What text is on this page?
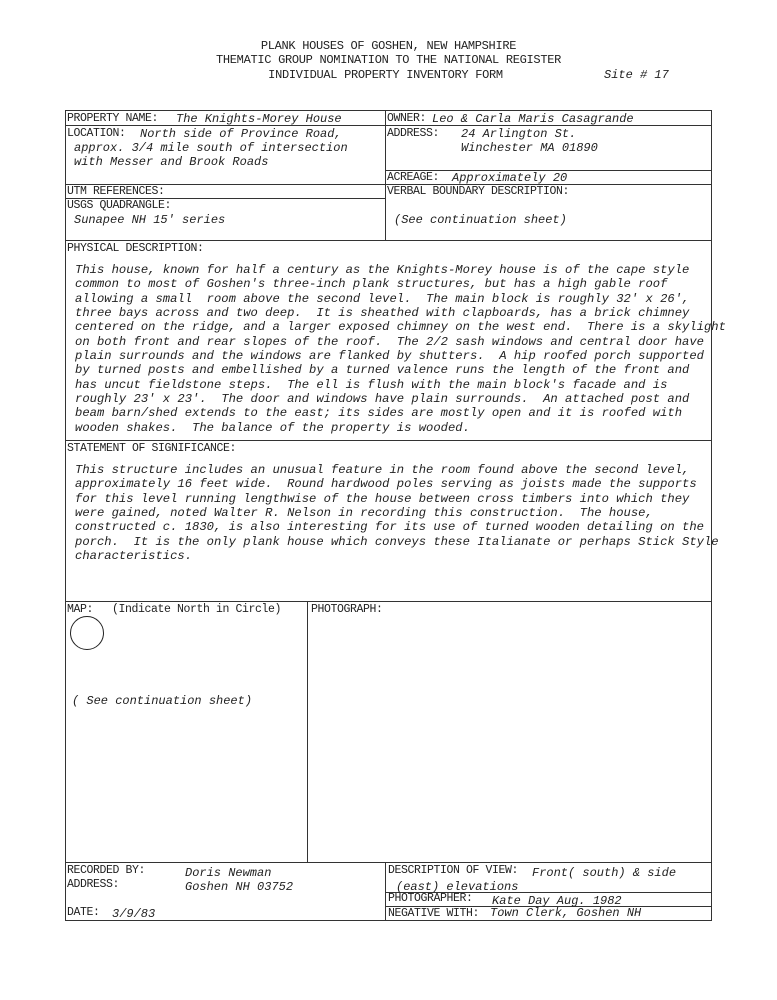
PLANK HOUSES OF GOSHEN, NEW HAMPSHIRE
THEMATIC GROUP NOMINATION TO THE NATIONAL REGISTER
INDIVIDUAL PROPERTY INVENTORY FORM	Site # 17
PROPERTY NAME: The Knights-Morey House	OWNER: Leo & Carla Maris Casagrande
LOCATION: North side of Province Road,
approx. 3/4 mile south of intersection
with Messer and Brook Roads
ADDRESS: 24 Arlington St.
Winchester MA 01890
ACREAGE: Approximately 20
UTM REFERENCES:
USGS QUADRANGLE:
Sunapee NH 15' series
VERBAL BOUNDARY DESCRIPTION:
(See continuation sheet)
PHYSICAL DESCRIPTION:
This house, known for half a century as the Knights-Morey house is of the cape style
common to most of Goshen's three-inch plank structures, but has a high gable roof
allowing a small  room above the second level.  The main block is roughly 32' x 26',
three bays across and two deep.  It is sheathed with clapboards, has a brick chimney
centered on the ridge, and a larger exposed chimney on the west end.  There is a skylight
on both front and rear slopes of the roof.  The 2/2 sash windows and central door have
plain surrounds and the windows are flanked by shutters.  A hip roofed porch supported
by turned posts and embellished by a turned valence runs the length of the front and
has uncut fieldstone steps.  The ell is flush with the main block's facade and is
roughly 23' x 23'.  The door and windows have plain surrounds.  An attached post and
beam barn/shed extends to the east; its sides are mostly open and it is roofed with
wooden shakes.  The balance of the property is wooded.
STATEMENT OF SIGNIFICANCE:
This structure includes an unusual feature in the room found above the second level,
approximately 16 feet wide.  Round hardwood poles serving as joists made the supports
for this level running lengthwise of the house between cross timbers into which they
were gained, noted Walter R. Nelson in recording this construction.  The house,
constructed c. 1830, is also interesting for its use of turned wooden detailing on the
porch.  It is the only plank house which conveys these Italianate or perhaps Stick Style
characteristics.
MAP: (Indicate North in Circle)
( See continuation sheet)
PHOTOGRAPH:
RECORDED BY:	Doris Newman
ADDRESS:	Goshen NH 03752
DATE: 3/9/83
DESCRIPTION OF VIEW: Front( south) & side
(east) elevations
PHOTOGRAPHER: Kate Day Aug. 1982
NEGATIVE WITH: Town Clerk, Goshen NH
